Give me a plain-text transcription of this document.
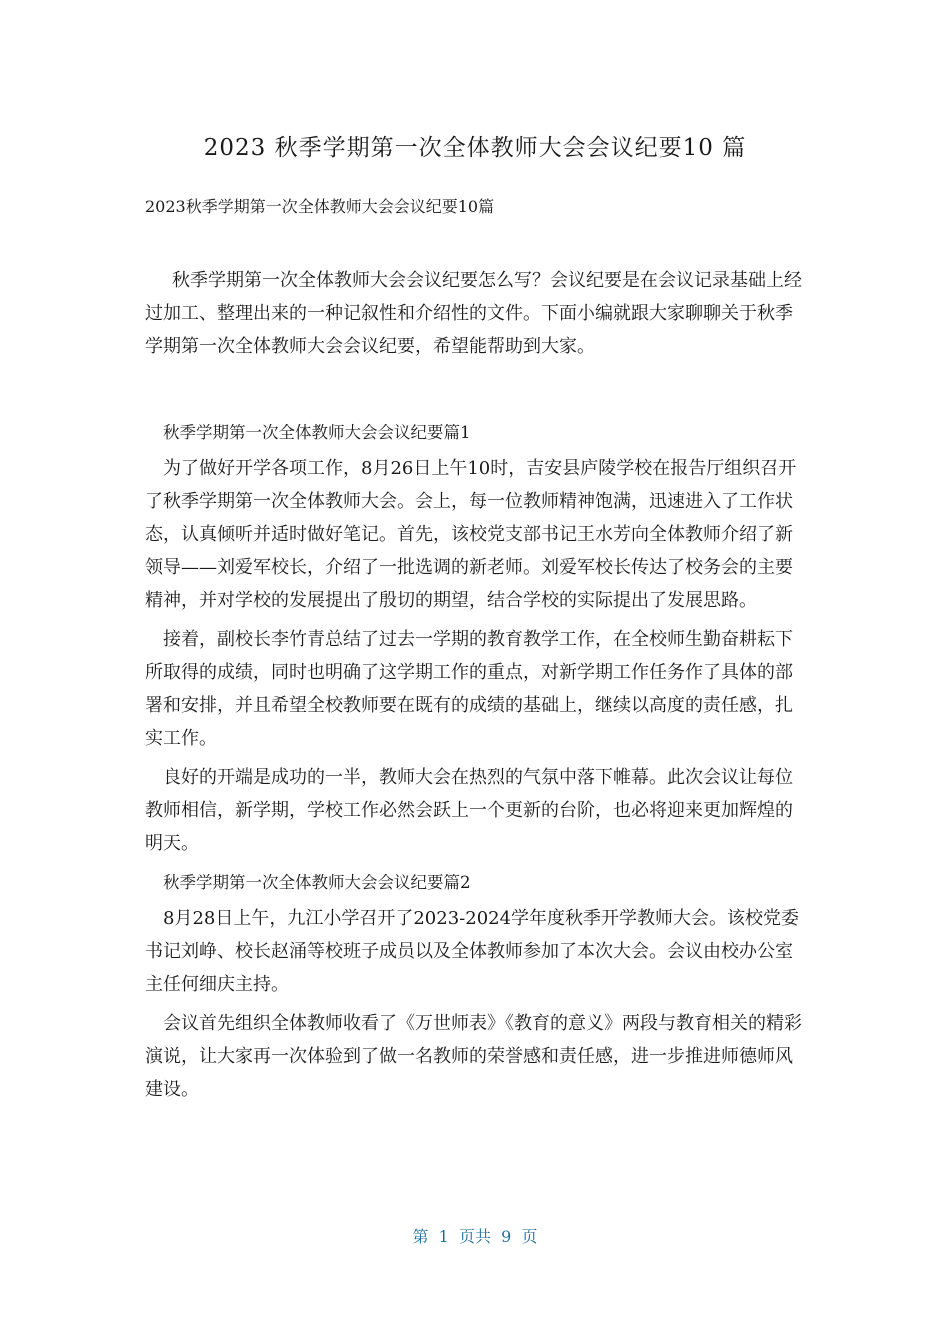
2023 秋季学期第一次全体教师大会会议纪要10 篇
2023秋季学期第一次全体教师大会会议纪要10篇
秋季学期第一次全体教师大会会议纪要怎么写？会议纪要是在会议记录基础上经过加工、整理出来的一种记叙性和介绍性的文件。下面小编就跟大家聊聊关于秋季学期第一次全体教师大会会议纪要，希望能帮助到大家。

秋季学期第一次全体教师大会会议纪要篇1

为了做好开学各项工作，8月26日上午10时，吉安县庐陵学校在报告厅组织召开了秋季学期第一次全体教师大会。会上，每一位教师精神饱满，迅速进入了工作状态，认真倾听并适时做好笔记。首先，该校党支部书记王水芳向全体教师介绍了新领导——刘爱军校长，介绍了一批选调的新老师。刘爱军校长传达了校务会的主要精神，并对学校的发展提出了殷切的期望，结合学校的实际提出了发展思路。

接着，副校长李竹青总结了过去一学期的教育教学工作，在全校师生勤奋耕耘下所取得的成绩，同时也明确了这学期工作的重点，对新学期工作任务作了具体的部署和安排，并且希望全校教师要在既有的成绩的基础上，继续以高度的责任感，扎实工作。

良好的开端是成功的一半，教师大会在热烈的气氛中落下帷幕。此次会议让每位教师相信，新学期，学校工作必然会跃上一个更新的台阶，也必将迎来更加辉煌的明天。

秋季学期第一次全体教师大会会议纪要篇2

8月28日上午，九江小学召开了2023-2024学年度秋季开学教师大会。该校党委书记刘峥、校长赵涌等校班子成员以及全体教师参加了本次大会。会议由校办公室主任何细庆主持。

会议首先组织全体教师收看了《万世师表》《教育的意义》两段与教育相关的精彩演说，让大家再一次体验到了做一名教师的荣誉感和责任感，进一步推进师德师风建设。

第  1  页共  9  页
